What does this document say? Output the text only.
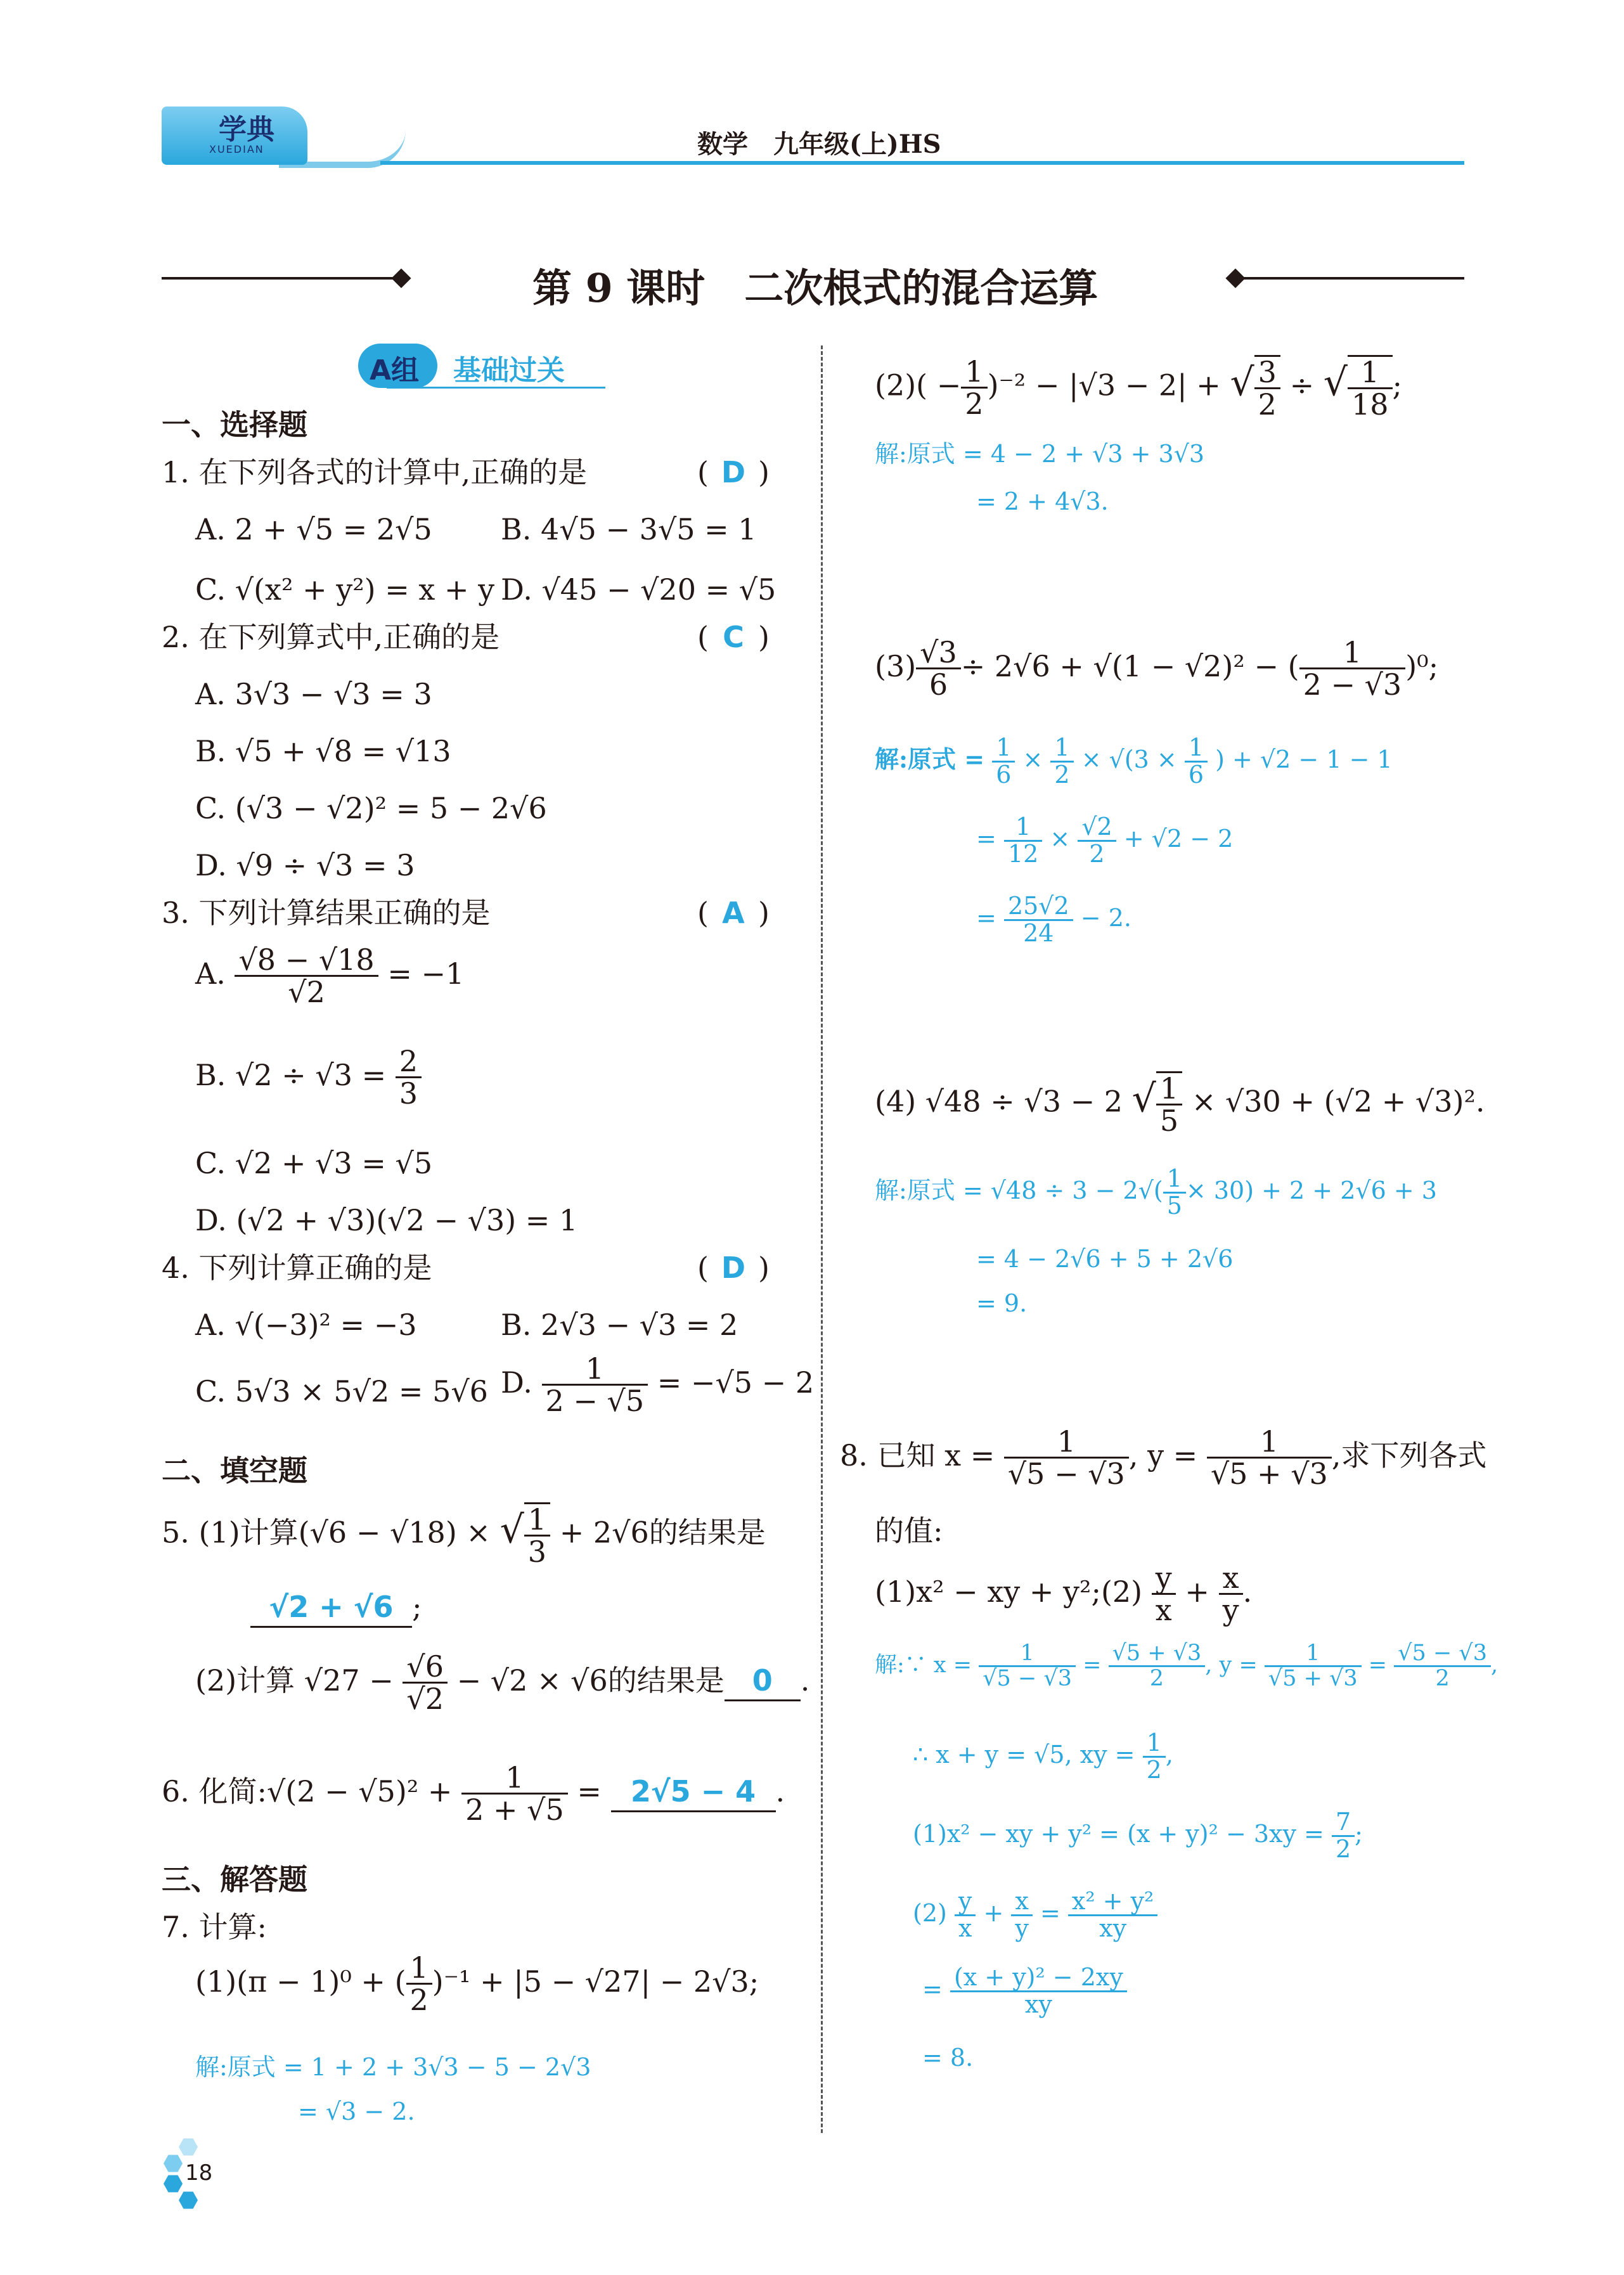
学典
XUEDIAN	数学　九年级(上)HS
第 9 课时　二次根式的混合运算
A组 基础过关
一、选择题
1. 在下列各式的计算中,正确的是	( D )
A. 2 + √5 = 2√5 B. 4√5 − 3√5 = 1
C. √(x² + y²) = x + y D. √45 − √20 = √5
2. 在下列算式中,正确的是	( C )
A. 3√3 − √3 = 3
B. √5 + √8 = √13
C. (√3 − √2)² = 5 − 2√6
D. √9 ÷ √3 = 3
3. 下列计算结果正确的是	( A )
A. $\frac{√8 - √18}{√2} = -1$
B. $√2 \div √3 = \frac{2}{3}$
C. √2 + √3 = √5
D. (√2 + √3)(√2 − √3) = 1
4. 下列计算正确的是	( D )
A. √(−3)² = −3	B. 2√3 − √3 = 2
C. 5√3 × 5√2 = 5√6 D. $\frac{1}{2 - √5} = -√5 - 2$
二、填空题
5. (1)计算(√6 − √18) × √ $\frac{1}{3} + 2√6$的结果是
√2 + √6 ;
(2)计算 $√27 - \frac{√6}{√2} - √2 \times √6$的结果是 0 .
6. 化简:√(2 − $√5)^2 + \frac{1}{2 + √5} = 2√5 - 4$ .
三、解答题
7. 计算:
(1)(π − 1)⁰ + ( $\frac{1}{2} )^{-1} + |5 - √27| - 2√3$;
解:原式 = 1 + 2 + 3√3 − 5 − 2√3
= √3 − 2.
$(2)( - \frac{1}{2} )^{-2} - |√3 - 2|$ + √ $\frac{3}{2}$ ÷ √ $\frac{1}{18}$ ;
解:原式 = 4 − 2 + √3 + 3√3
= 2 + 4√3.
$(3) \frac{√3}{6} \div 2√6 + √(1 - √2)^2$ − ( $\frac{1}{2 - √3} )^0$;
解:原式 = $\frac{1}{6} \times \frac{1}{2} \times √(3 \times \frac{1}{6}$ ) + √2 − 1 − 1
= $\frac{1}{12} \times \frac{√2}{2} + √2 - 2$
= $\frac{25√2}{24} - 2$.
(4) √48 ÷ √3 − 2 √ $\frac{1}{5} \times √30 + (√2 + √3)^2$.
解:原式 = $√48 \div 3 - 2√( \frac{1}{5} \times 30) + 2 + 2√6 + 3$
= 4 − 2√6 + 5 + 2√6
= 9.
8. 已知 $x = \frac{1}{√5 - √3}$ , $y = \frac{1}{√5 + √3}$ ,求下列各式
的值:
(1)x² − xy + y²;(2) $\frac{y}{x} + \frac{x}{y}$ .
解:∵ $x = \frac{1}{√5 - √3} = \frac{√5 + √3}{2}$ , $y = \frac{1}{√5 + √3} = \frac{√5 - √3}{2}$ ,
∴ x + y = √5, xy = $\frac{1}{2}$ ,
(1)x² − xy + $y^2 = (x + y)^2 - 3xy = \frac{7}{2}$ ;
$(2) \frac{y}{x} + \frac{x}{y} = \frac{\text{x² + y²}}{xy}$
= $\frac{\text{(x + y)² − 2xy}}{xy}$
= 8.
18
